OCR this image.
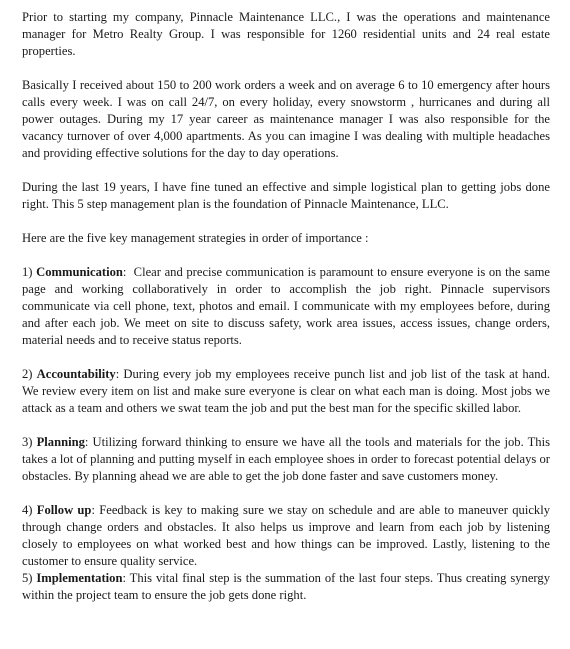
Prior to starting my company, Pinnacle Maintenance LLC., I was the operations and maintenance manager for Metro Realty Group. I was responsible for 1260 residential units and 24 real estate properties.

Basically I received about 150 to 200 work orders a week and on average 6 to 10 emergency after hours calls every week. I was on call 24/7, on every holiday, every snowstorm , hurricanes and during all power outages. During my 17 year career as maintenance manager I was also responsible for the vacancy turnover of over 4,000 apartments. As you can imagine I was dealing with multiple headaches and providing effective solutions for the day to day operations.

During the last 19 years, I have fine tuned an effective and simple logistical plan to getting jobs done right. This 5 step management plan is the foundation of Pinnacle Maintenance, LLC.

Here are the five key management strategies in order of importance :

1) Communication: Clear and precise communication is paramount to ensure everyone is on the same page and working collaboratively in order to accomplish the job right. Pinnacle supervisors communicate via cell phone, text, photos and email. I communicate with my employees before, during and after each job. We meet on site to discuss safety, work area issues, access issues, change orders, material needs and to receive status reports.

2) Accountability: During every job my employees receive punch list and job list of the task at hand. We review every item on list and make sure everyone is clear on what each man is doing. Most jobs we attack as a team and others we swat team the job and put the best man for the specific skilled labor.

3) Planning: Utilizing forward thinking to ensure we have all the tools and materials for the job. This takes a lot of planning and putting myself in each employee shoes in order to forecast potential delays or obstacles. By planning ahead we are able to get the job done faster and save customers money.

4) Follow up: Feedback is key to making sure we stay on schedule and are able to maneuver quickly through change orders and obstacles. It also helps us improve and learn from each job by listening closely to employees on what worked best and how things can be improved. Lastly, listening to the customer to ensure quality service.

5) Implementation: This vital final step is the summation of the last four steps. Thus creating synergy within the project team to ensure the job gets done right.
